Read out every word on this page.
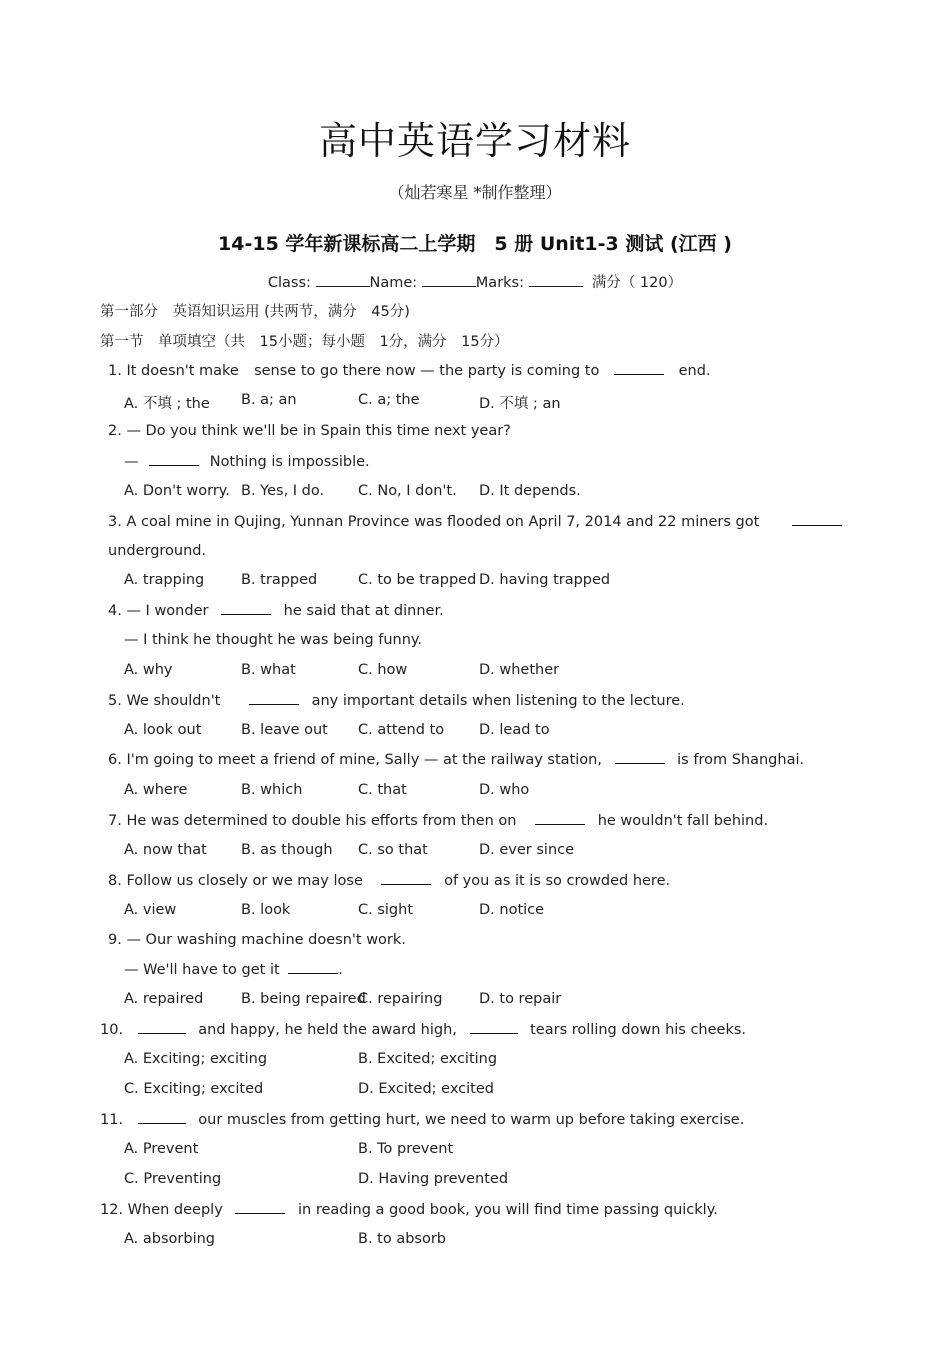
高中英语学习材料
（灿若寒星 *制作整理）
14-15 学年新课标高二上学期　5 册 Unit1-3 测试 (江西 )
Class:	Name:	Marks:	满分（ 120）
第一部分　英语知识运用 (共两节，满分　45分)
第一节　单项填空（共　15小题；每小题　1分，满分　15分）
1. It doesn't make sense to go there now — the party is coming to	end.
A. 不填 ; the B. a; an	C. a; the	D. 不填 ; an
2. — Do you think we'll be in Spain this time next year?
—	Nothing is impossible.
A. Don't worry. B. Yes, I do. C. No, I don't. D. It depends.
3. A coal mine in Qujing, Yunnan Province was flooded on April 7, 2014 and 22 miners got
underground.
A. trapping	B. trapped	C. to be trapped D. having trapped
4. — I wonder	he said that at dinner.
— I think he thought he was being funny.
A. why	B. what	C. how	D. whether
5. We shouldn't	any important details when listening to the lecture.
A. look out	B. leave out C. attend to D. lead to
6. I'm going to meet a friend of mine, Sally — at the railway station,	is from Shanghai.
A. where	B. which	C. that	D. who
7. He was determined to double his efforts from then on	he wouldn't fall behind.
A. now that B. as though C. so that	D. ever since
8. Follow us closely or we may lose	of you as it is so crowded here.
A. view	B. look	C. sight	D. notice
9. — Our washing machine doesn't work.
— We'll have to get it	.
A. repaired	B. being repaired
C. repairing	D. to repair
10.	and happy, he held the award high,	tears rolling down his cheeks.
A. Exciting; exciting	B. Excited; exciting
C. Exciting; excited	D. Excited; excited
11.	our muscles from getting hurt, we need to warm up before taking exercise.
A. Prevent	B. To prevent
C. Preventing	D. Having prevented
12. When deeply	in reading a good book, you will find time passing quickly.
A. absorbing	B. to absorb
